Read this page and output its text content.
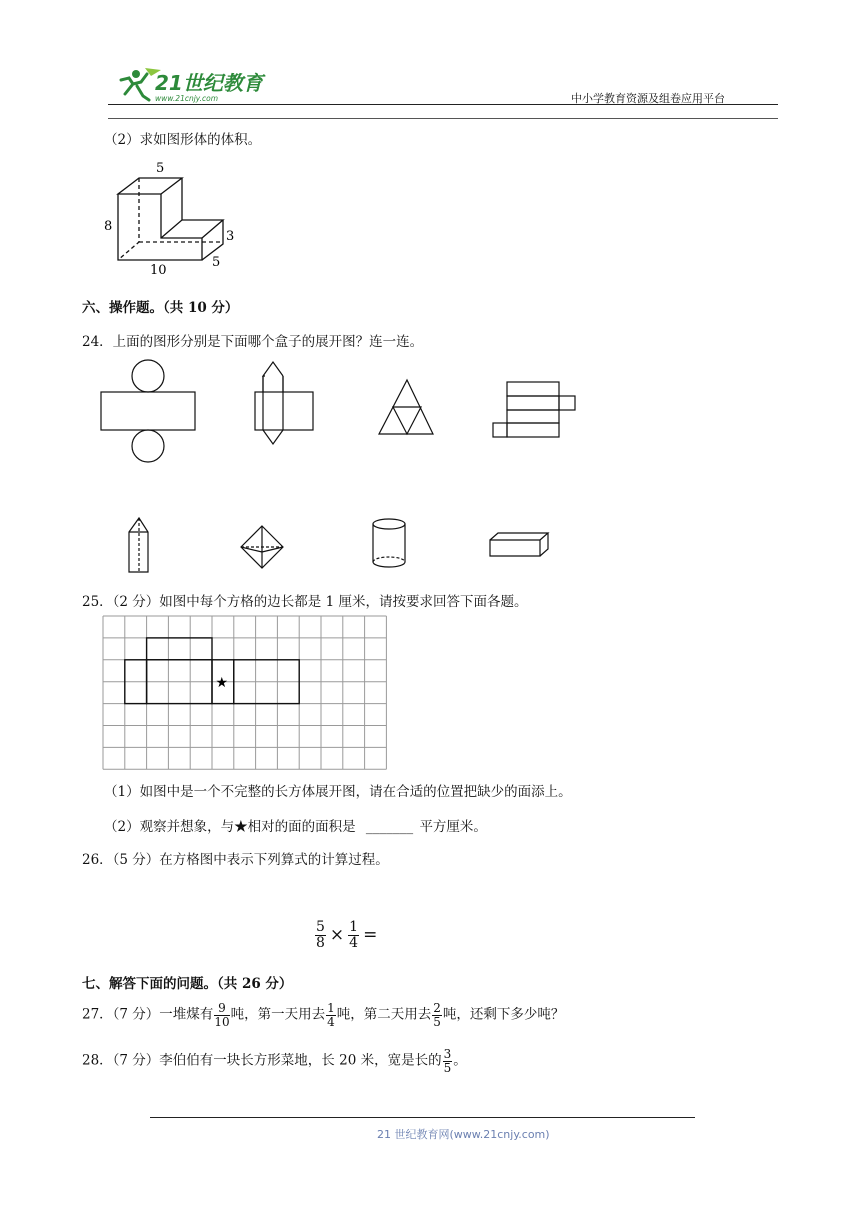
21世纪教育
www.21cnjy.com	中小学教育资源及组卷应用平台
（2）求如图形体的体积。
5
8
3
10
5
六、操作题。（共 10 分）
24．上面的图形分别是下面哪个盒子的展开图？连一连。
25．（2 分）如图中每个方格的边长都是 1 厘米，请按要求回答下面各题。
★
（1）如图中是一个不完整的长方体展开图，请在合适的位置把缺少的面添上。
（2）观察并想象，与★相对的面的面积是 _______ 平方厘米。
26．（5 分）在方格图中表示下列算式的计算过程。
$\frac{5}{8} \times \frac{1}{4}$ =
七、解答下面的问题。（共 26 分）
27．（7 分）一堆煤有 $\frac{9}{10}$ 吨，第一天用去 $\frac{1}{4}$ 吨，第二天用去 $\frac{2}{5}$ 吨，还剩下多少吨？
28．（7 分）李伯伯有一块长方形菜地，长 20 米，宽是长的 $\frac{3}{5}$ 。
21 世纪教育网(www.21cnjy.com)
